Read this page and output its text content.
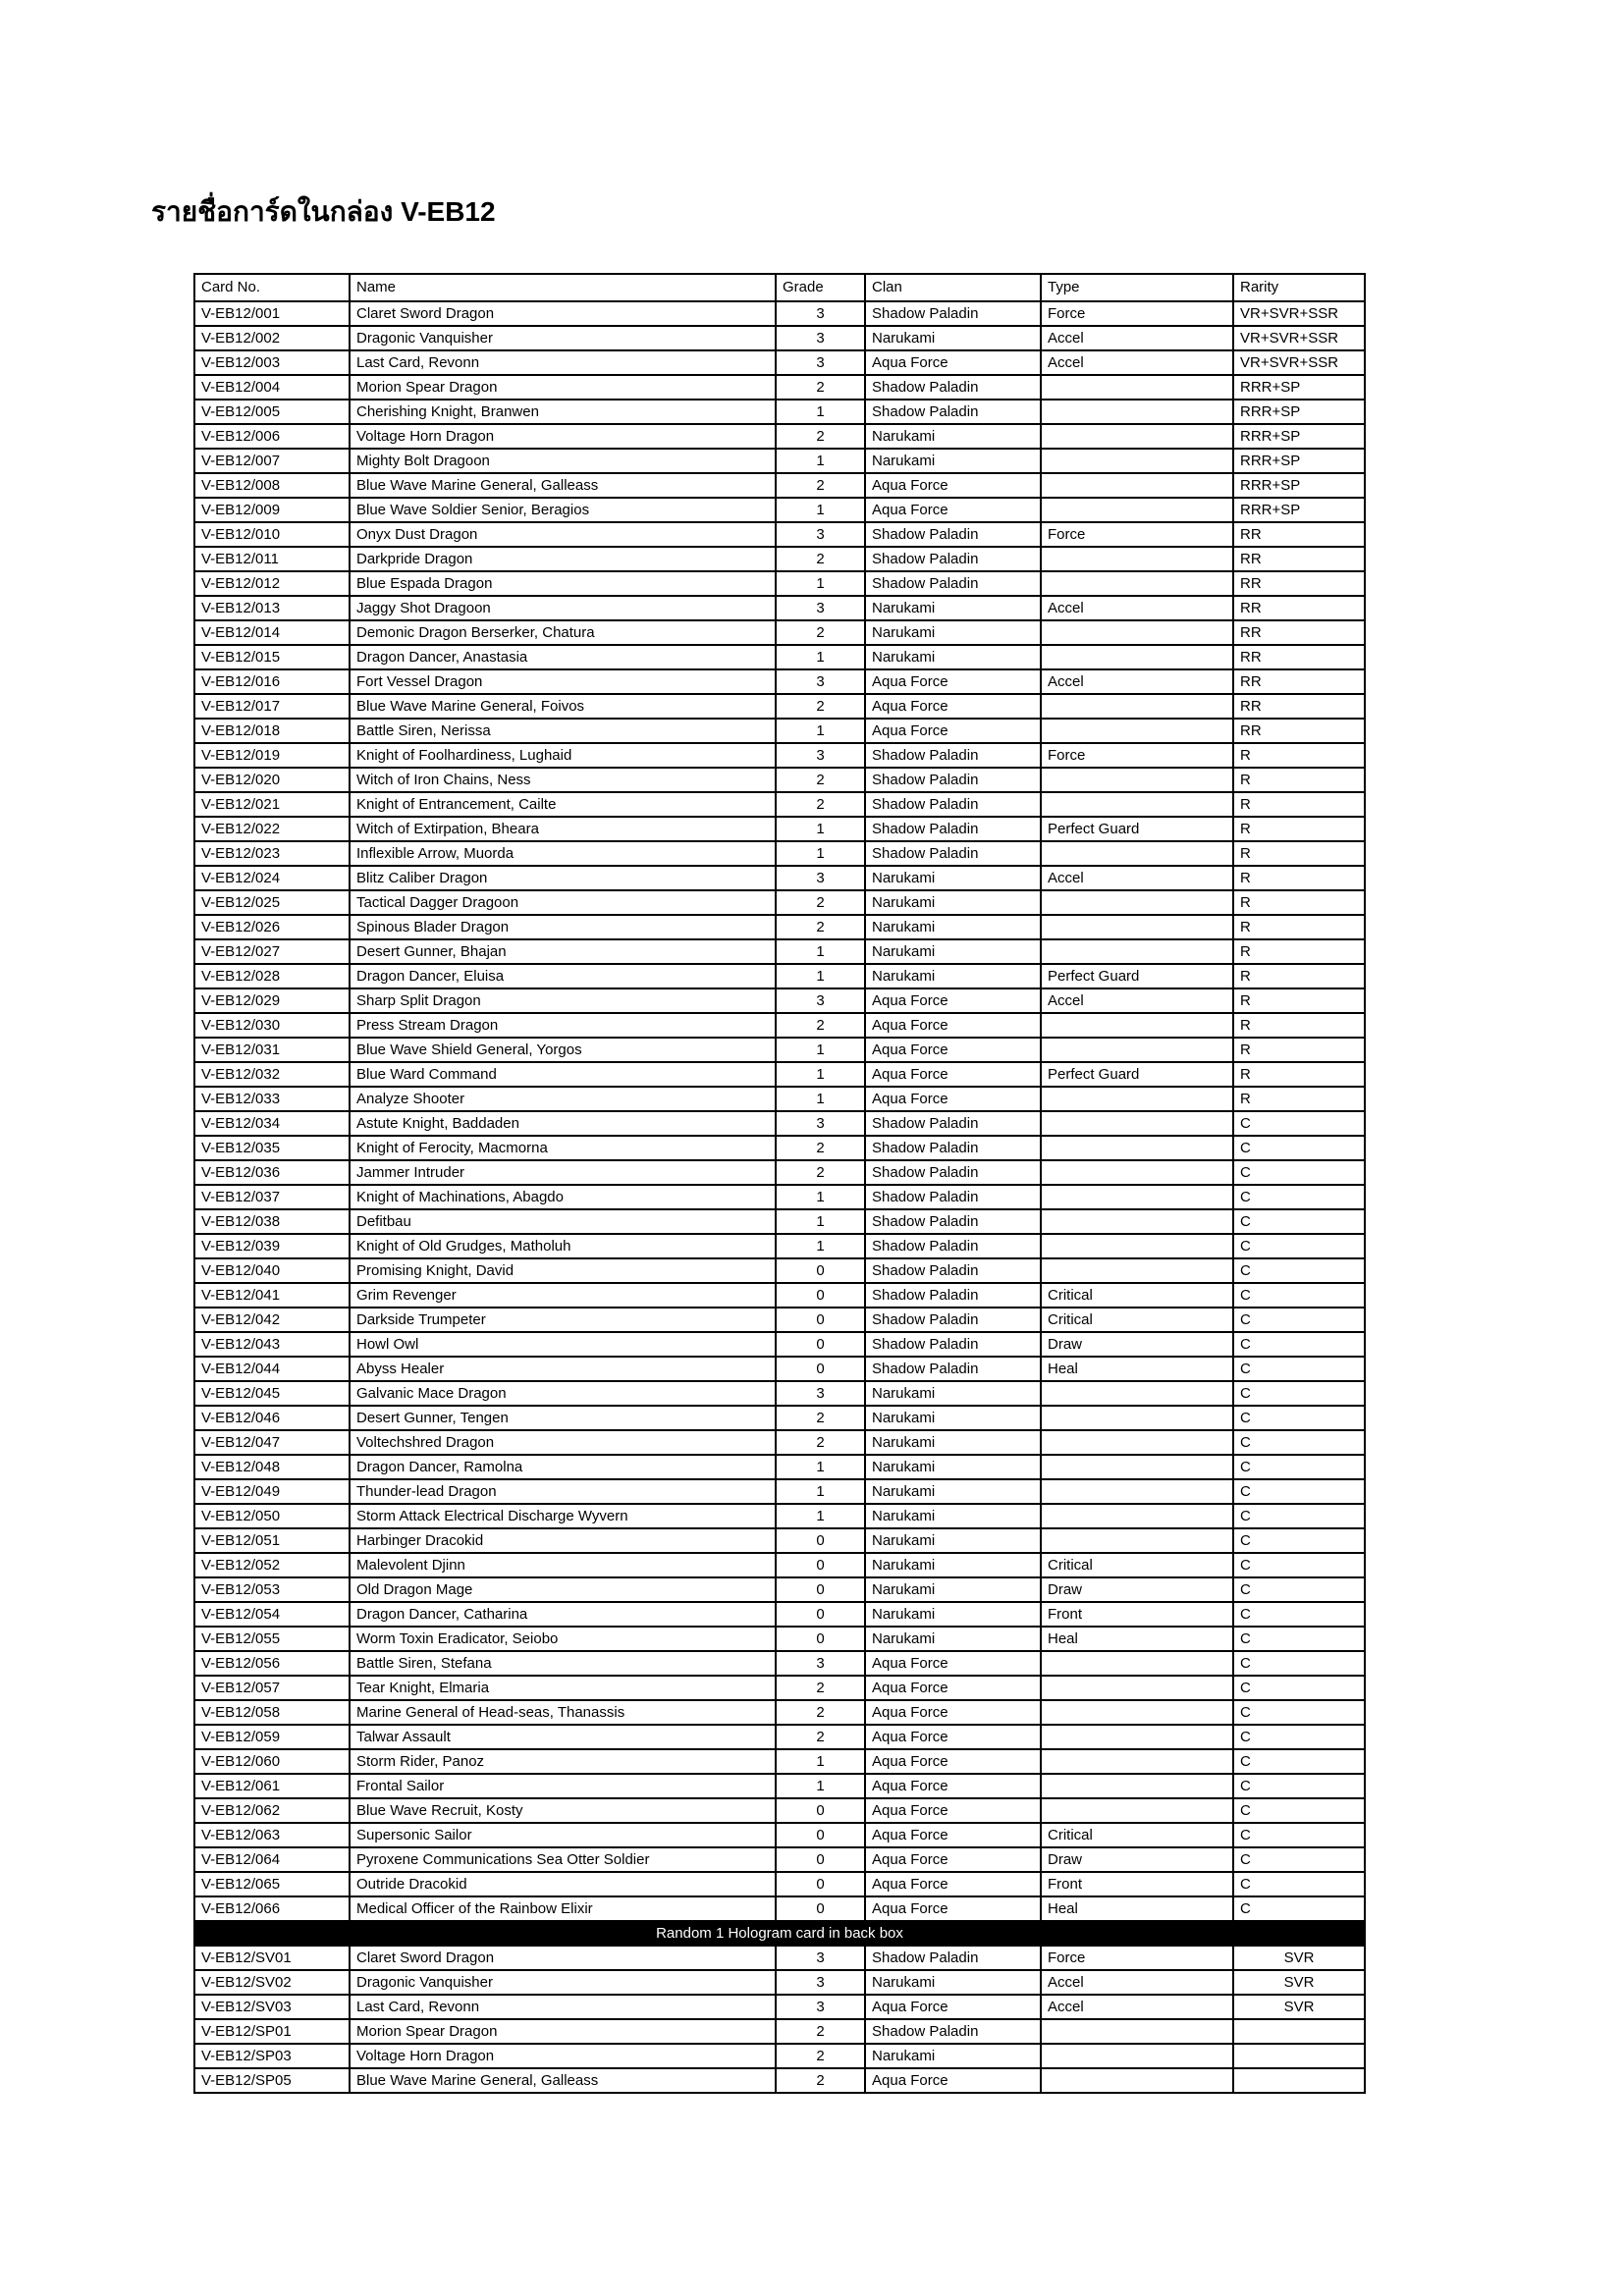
รายชื่อการ์ดในกล่อง V-EB12
Card No.	Name	Grade	Clan	Type	Rarity
V-EB12/001	Claret Sword Dragon	3	Shadow Paladin	Force	VR+SVR+SSR
V-EB12/002	Dragonic Vanquisher	3	Narukami	Accel	VR+SVR+SSR
V-EB12/003	Last Card, Revonn	3	Aqua Force	Accel	VR+SVR+SSR
V-EB12/004	Morion Spear Dragon	2	Shadow Paladin		RRR+SP
V-EB12/005	Cherishing Knight, Branwen	1	Shadow Paladin		RRR+SP
V-EB12/006	Voltage Horn Dragon	2	Narukami		RRR+SP
V-EB12/007	Mighty Bolt Dragoon	1	Narukami		RRR+SP
V-EB12/008	Blue Wave Marine General, Galleass	2	Aqua Force		RRR+SP
V-EB12/009	Blue Wave Soldier Senior, Beragios	1	Aqua Force		RRR+SP
V-EB12/010	Onyx Dust Dragon	3	Shadow Paladin	Force	RR
V-EB12/011	Darkpride Dragon	2	Shadow Paladin		RR
V-EB12/012	Blue Espada Dragon	1	Shadow Paladin		RR
V-EB12/013	Jaggy Shot Dragoon	3	Narukami	Accel	RR
V-EB12/014	Demonic Dragon Berserker, Chatura	2	Narukami		RR
V-EB12/015	Dragon Dancer, Anastasia	1	Narukami		RR
V-EB12/016	Fort Vessel Dragon	3	Aqua Force	Accel	RR
V-EB12/017	Blue Wave Marine General, Foivos	2	Aqua Force		RR
V-EB12/018	Battle Siren, Nerissa	1	Aqua Force		RR
V-EB12/019	Knight of Foolhardiness, Lughaid	3	Shadow Paladin	Force	R
V-EB12/020	Witch of Iron Chains, Ness	2	Shadow Paladin		R
V-EB12/021	Knight of Entrancement, Cailte	2	Shadow Paladin		R
V-EB12/022	Witch of Extirpation, Bheara	1	Shadow Paladin	Perfect Guard	R
V-EB12/023	Inflexible Arrow, Muorda	1	Shadow Paladin		R
V-EB12/024	Blitz Caliber Dragon	3	Narukami	Accel	R
V-EB12/025	Tactical Dagger Dragoon	2	Narukami		R
V-EB12/026	Spinous Blader Dragon	2	Narukami		R
V-EB12/027	Desert Gunner, Bhajan	1	Narukami		R
V-EB12/028	Dragon Dancer, Eluisa	1	Narukami	Perfect Guard	R
V-EB12/029	Sharp Split Dragon	3	Aqua Force	Accel	R
V-EB12/030	Press Stream Dragon	2	Aqua Force		R
V-EB12/031	Blue Wave Shield General, Yorgos	1	Aqua Force		R
V-EB12/032	Blue Ward Command	1	Aqua Force	Perfect Guard	R
V-EB12/033	Analyze Shooter	1	Aqua Force		R
V-EB12/034	Astute Knight, Baddaden	3	Shadow Paladin		C
V-EB12/035	Knight of Ferocity, Macmorna	2	Shadow Paladin		C
V-EB12/036	Jammer Intruder	2	Shadow Paladin		C
V-EB12/037	Knight of Machinations, Abagdo	1	Shadow Paladin		C
V-EB12/038	Defitbau	1	Shadow Paladin		C
V-EB12/039	Knight of Old Grudges, Matholuh	1	Shadow Paladin		C
V-EB12/040	Promising Knight, David	0	Shadow Paladin		C
V-EB12/041	Grim Revenger	0	Shadow Paladin	Critical	C
V-EB12/042	Darkside Trumpeter	0	Shadow Paladin	Critical	C
V-EB12/043	Howl Owl	0	Shadow Paladin	Draw	C
V-EB12/044	Abyss Healer	0	Shadow Paladin	Heal	C
V-EB12/045	Galvanic Mace Dragon	3	Narukami		C
V-EB12/046	Desert Gunner, Tengen	2	Narukami		C
V-EB12/047	Voltechshred Dragon	2	Narukami		C
V-EB12/048	Dragon Dancer, Ramolna	1	Narukami		C
V-EB12/049	Thunder-lead Dragon	1	Narukami		C
V-EB12/050	Storm Attack Electrical Discharge Wyvern	1	Narukami		C
V-EB12/051	Harbinger Dracokid	0	Narukami		C
V-EB12/052	Malevolent Djinn	0	Narukami	Critical	C
V-EB12/053	Old Dragon Mage	0	Narukami	Draw	C
V-EB12/054	Dragon Dancer, Catharina	0	Narukami	Front	C
V-EB12/055	Worm Toxin Eradicator, Seiobo	0	Narukami	Heal	C
V-EB12/056	Battle Siren, Stefana	3	Aqua Force		C
V-EB12/057	Tear Knight, Elmaria	2	Aqua Force		C
V-EB12/058	Marine General of Head-seas, Thanassis	2	Aqua Force		C
V-EB12/059	Talwar Assault	2	Aqua Force		C
V-EB12/060	Storm Rider, Panoz	1	Aqua Force		C
V-EB12/061	Frontal Sailor	1	Aqua Force		C
V-EB12/062	Blue Wave Recruit, Kosty	0	Aqua Force		C
V-EB12/063	Supersonic Sailor	0	Aqua Force	Critical	C
V-EB12/064	Pyroxene Communications Sea Otter Soldier	0	Aqua Force	Draw	C
V-EB12/065	Outride Dracokid	0	Aqua Force	Front	C
V-EB12/066	Medical Officer of the Rainbow Elixir	0	Aqua Force	Heal	C
Random 1 Hologram card in back box					
V-EB12/SV01	Claret Sword Dragon	3	Shadow Paladin	Force	SVR
V-EB12/SV02	Dragonic Vanquisher	3	Narukami	Accel	SVR
V-EB12/SV03	Last Card, Revonn	3	Aqua Force	Accel	SVR
V-EB12/SP01	Morion Spear Dragon	2	Shadow Paladin		
V-EB12/SP03	Voltage Horn Dragon	2	Narukami		
V-EB12/SP05	Blue Wave Marine General, Galleass	2	Aqua Force		
